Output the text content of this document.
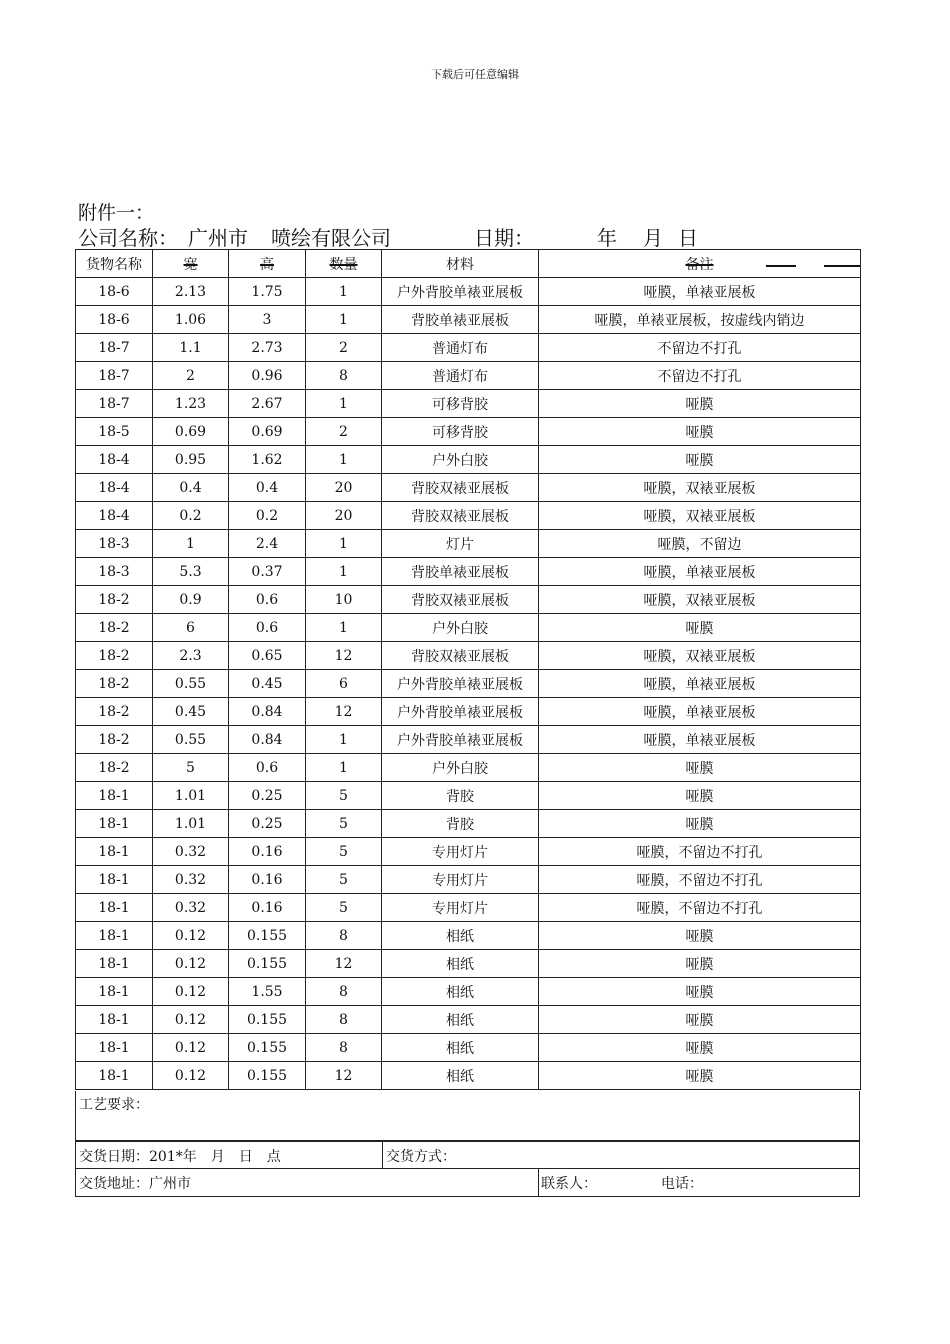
下载后可任意编辑
附件一：
公司名称： 广州市 喷绘有限公司	日期：	年 月 日
货物名称	宽	高	数量	材料	备注

18-6	2.13	1.75	1	户外背胶单裱亚展板	哑膜，单裱亚展板
18-6	1.06	3	1	背胶单裱亚展板	哑膜，单裱亚展板，按虚线内销边
18-7	1.1	2.73	2	普通灯布	不留边不打孔
18-7	2	0.96	8	普通灯布	不留边不打孔
18-7	1.23	2.67	1	可移背胶	哑膜
18-5	0.69	0.69	2	可移背胶	哑膜
18-4	0.95	1.62	1	户外白胶	哑膜
18-4	0.4	0.4	20	背胶双裱亚展板	哑膜，双裱亚展板
18-4	0.2	0.2	20	背胶双裱亚展板	哑膜，双裱亚展板
18-3	1	2.4	1	灯片	哑膜，不留边
18-3	5.3	0.37	1	背胶单裱亚展板	哑膜，单裱亚展板
18-2	0.9	0.6	10	背胶双裱亚展板	哑膜，双裱亚展板
18-2	6	0.6	1	户外白胶	哑膜
18-2	2.3	0.65	12	背胶双裱亚展板	哑膜，双裱亚展板
18-2	0.55	0.45	6	户外背胶单裱亚展板	哑膜，单裱亚展板
18-2	0.45	0.84	12	户外背胶单裱亚展板	哑膜，单裱亚展板
18-2	0.55	0.84	1	户外背胶单裱亚展板	哑膜，单裱亚展板
18-2	5	0.6	1	户外白胶	哑膜
18-1	1.01	0.25	5	背胶	哑膜
18-1	1.01	0.25	5	背胶	哑膜
18-1	0.32	0.16	5	专用灯片	哑膜，不留边不打孔
18-1	0.32	0.16	5	专用灯片	哑膜，不留边不打孔
18-1	0.32	0.16	5	专用灯片	哑膜，不留边不打孔
18-1	0.12	0.155	8	相纸	哑膜
18-1	0.12	0.155	12	相纸	哑膜
18-1	0.12	1.55	8	相纸	哑膜
18-1	0.12	0.155	8	相纸	哑膜
18-1	0.12	0.155	8	相纸	哑膜
18-1	0.12	0.155	12	相纸	哑膜
工艺要求：
交货日期：201*年　月　日　点	交货方式：
交货地址：广州市	联系人：	电话：
